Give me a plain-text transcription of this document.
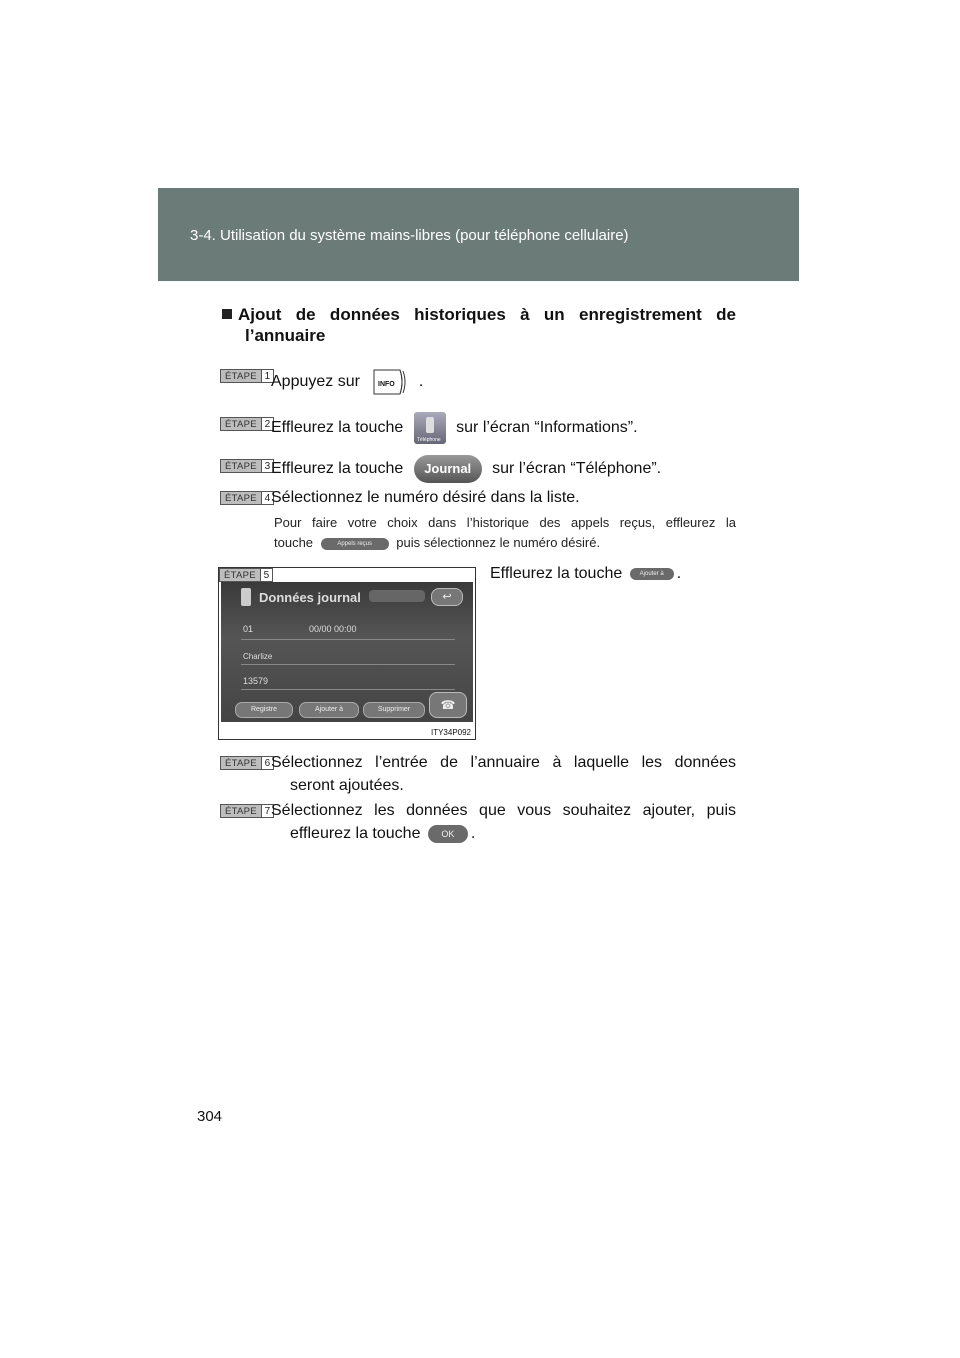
3-4. Utilisation du système mains-libres (pour téléphone cellulaire)
Ajout de données historiques à un enregistrement de
l’annuaire
ÉTAPE 1 Appuyez sur	INFO .
ÉTAPE 2 Effleurez la touche
Téléphone
sur l’écran “Informations”.
ÉTAPE 3 Effleurez la touche Journal sur l’écran “Téléphone”.
ÉTAPE 4 Sélectionnez le numéro désiré dans la liste.
Pour faire votre choix dans l’historique des appels reçus, effleurez la
touche	Appels reçus puis sélectionnez le numéro désiré.
ÉTAPE 5
Données journal	↩
01	00/00 00:00
Charlize
13579
Registre	Ajouter à	Supprimer	☎
ITY34P092
Effleurez la touche	Ajouter à .
ÉTAPE 6 Sélectionnez l’entrée de l’annuaire à laquelle les données
seront ajoutées.
ÉTAPE 7 Sélectionnez les données que vous souhaitez ajouter, puis
effleurez la touche OK .
304
